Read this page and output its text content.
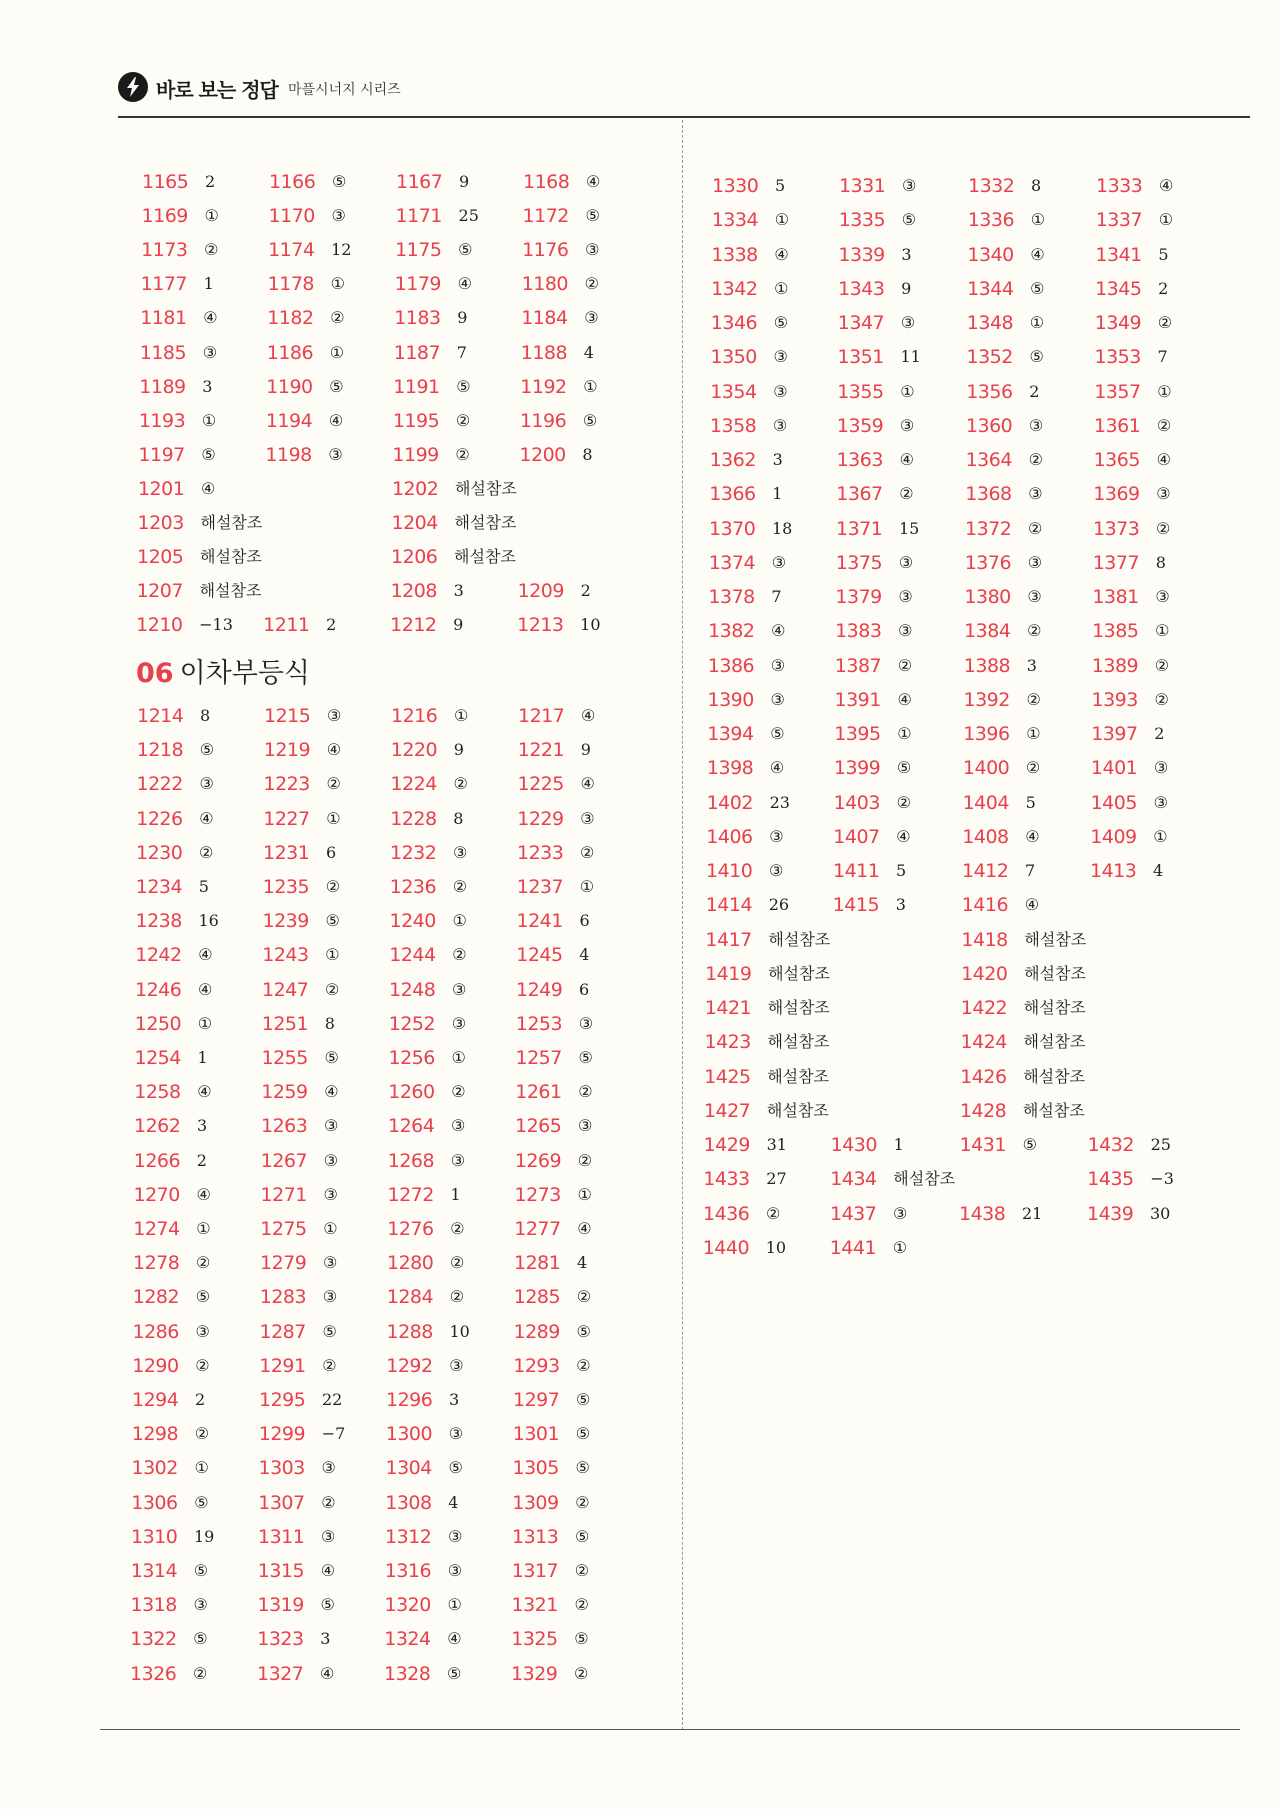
바로 보는 정답 마플시너지 시리즈
06 이차부등식
1165 2	1166 ⑤	1167 9	1168 ④
1169 ①	1170 ③	1171 25 1172 ⑤
1173 ②	1174 12 1175 ⑤	1176 ③
1177 1	1178 ①	1179 ④	1180 ②
1181 ④	1182 ②	1183 9	1184 ③
1185 ③	1186 ①	1187 7	1188 4
1189 3	1190 ⑤	1191 ⑤	1192 ①
1193 ①	1194 ④	1195 ②	1196 ⑤
1197 ⑤	1198 ③	1199 ②	1200 8
1201 ④	1202 해설참조
1203 해설참조	1204 해설참조
1205 해설참조	1206 해설참조
1207 해설참조	1208 3	1209 2
1210 −13 1211 2	1212 9	1213 10
1214 8	1215 ③	1216 ①	1217 ④
1218 ⑤	1219 ④	1220 9	1221 9
1222 ③	1223 ②	1224 ②	1225 ④
1226 ④	1227 ①	1228 8	1229 ③
1230 ②	1231 6	1232 ③	1233 ②
1234 5	1235 ②	1236 ②	1237 ①
1238 16 1239 ⑤	1240 ①	1241 6
1242 ④	1243 ①	1244 ②	1245 4
1246 ④	1247 ②	1248 ③	1249 6
1250 ①	1251 8	1252 ③	1253 ③
1254 1	1255 ⑤	1256 ①	1257 ⑤
1258 ④	1259 ④	1260 ②	1261 ②
1262 3	1263 ③	1264 ③	1265 ③
1266 2	1267 ③	1268 ③	1269 ②
1270 ④	1271 ③	1272 1	1273 ①
1274 ①	1275 ①	1276 ②	1277 ④
1278 ②	1279 ③	1280 ②	1281 4
1282 ⑤	1283 ③	1284 ②	1285 ②
1286 ③	1287 ⑤	1288 10 1289 ⑤
1290 ②	1291 ②	1292 ③	1293 ②
1294 2	1295 22 1296 3	1297 ⑤
1298 ②	1299 −7 1300 ③	1301 ⑤
1302 ①	1303 ③	1304 ⑤	1305 ⑤
1306 ⑤	1307 ②	1308 4	1309 ②
1310 19 1311 ③	1312 ③	1313 ⑤
1314 ⑤	1315 ④	1316 ③	1317 ②
1318 ③	1319 ⑤	1320 ①	1321 ②
1322 ⑤	1323 3	1324 ④	1325 ⑤
1326 ②	1327 ④	1328 ⑤	1329 ②
1330 5	1331 ③	1332 8	1333 ④
1334 ①	1335 ⑤	1336 ①	1337 ①
1338 ④	1339 3	1340 ④	1341 5
1342 ①	1343 9	1344 ⑤	1345 2
1346 ⑤	1347 ③	1348 ①	1349 ②
1350 ③	1351 11 1352 ⑤	1353 7
1354 ③	1355 ①	1356 2	1357 ①
1358 ③	1359 ③	1360 ③	1361 ②
1362 3	1363 ④	1364 ②	1365 ④
1366 1	1367 ②	1368 ③	1369 ③
1370 18 1371 15 1372 ②	1373 ②
1374 ③	1375 ③	1376 ③	1377 8
1378 7	1379 ③	1380 ③	1381 ③
1382 ④	1383 ③	1384 ②	1385 ①
1386 ③	1387 ②	1388 3	1389 ②
1390 ③	1391 ④	1392 ②	1393 ②
1394 ⑤	1395 ①	1396 ①	1397 2
1398 ④	1399 ⑤	1400 ②	1401 ③
1402 23 1403 ②	1404 5	1405 ③
1406 ③	1407 ④	1408 ④	1409 ①
1410 ③	1411 5	1412 7	1413 4
1414 26 1415 3	1416 ④
1417 해설참조	1418 해설참조
1419 해설참조	1420 해설참조
1421 해설참조	1422 해설참조
1423 해설참조	1424 해설참조
1425 해설참조	1426 해설참조
1427 해설참조	1428 해설참조
1429 31 1430 1	1431 ⑤	1432 25
1433 27 1434 해설참조	1435 −3
1436 ②	1437 ③	1438 21 1439 30
1440 10 1441 ①
